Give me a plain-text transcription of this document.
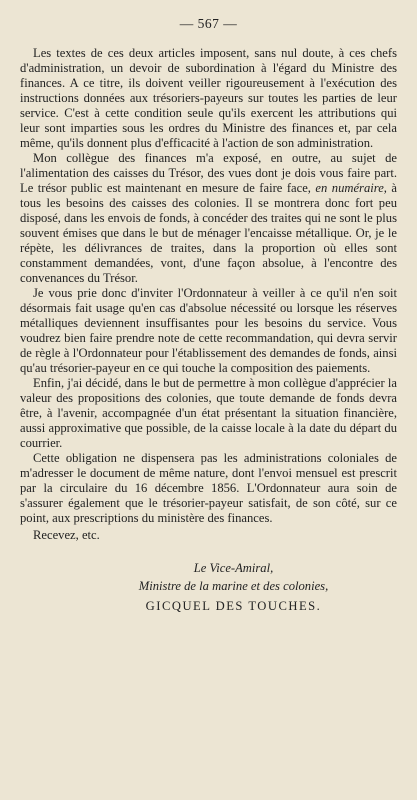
— 567 —

Les textes de ces deux articles imposent, sans nul doute, à ces chefs d'administration, un devoir de subordination à l'égard du Ministre des finances. A ce titre, ils doivent veiller rigoureusement à l'exécution des instructions données aux trésoriers-payeurs sur toutes les parties de leur service. C'est à cette condition seule qu'ils exercent les attributions qui leur sont imparties sous les ordres du Ministre des finances et, par cela même, qu'ils donnent plus d'efficacité à l'action de son administration.

Mon collègue des finances m'a exposé, en outre, au sujet de l'alimentation des caisses du Trésor, des vues dont je dois vous faire part. Le trésor public est maintenant en mesure de faire face, en numéraire, à tous les besoins des caisses des colonies. Il se montrera donc fort peu disposé, dans les envois de fonds, à concéder des traites qui ne sont le plus souvent émises que dans le but de ménager l'encaisse métallique. Or, je le répète, les délivrances de traites, dans la proportion où elles sont constamment demandées, vont, d'une façon absolue, à l'encontre des convenances du Trésor.

Je vous prie donc d'inviter l'Ordonnateur à veiller à ce qu'il n'en soit désormais fait usage qu'en cas d'absolue nécessité ou lorsque les réserves métalliques deviennent insuffisantes pour les besoins du service. Vous voudrez bien faire prendre note de cette recommandation, qui devra servir de règle à l'Ordonnateur pour l'établissement des demandes de fonds, ainsi qu'au trésorier-payeur en ce qui touche la composition des paiements.

Enfin, j'ai décidé, dans le but de permettre à mon collègue d'apprécier la valeur des propositions des colonies, que toute demande de fonds devra être, à l'avenir, accompagnée d'un état présentant la situation financière, aussi approximative que possible, de la caisse locale à la date du départ du courrier.

Cette obligation ne dispensera pas les administrations coloniales de m'adresser le document de même nature, dont l'envoi mensuel est prescrit par la circulaire du 16 décembre 1856. L'Ordonnateur aura soin de s'assurer également que le trésorier-payeur satisfait, de son côté, sur ce point, aux prescriptions du ministère des finances.

Recevez, etc.

Le Vice-Amiral,
Ministre de la marine et des colonies,
GICQUEL DES TOUCHES.
